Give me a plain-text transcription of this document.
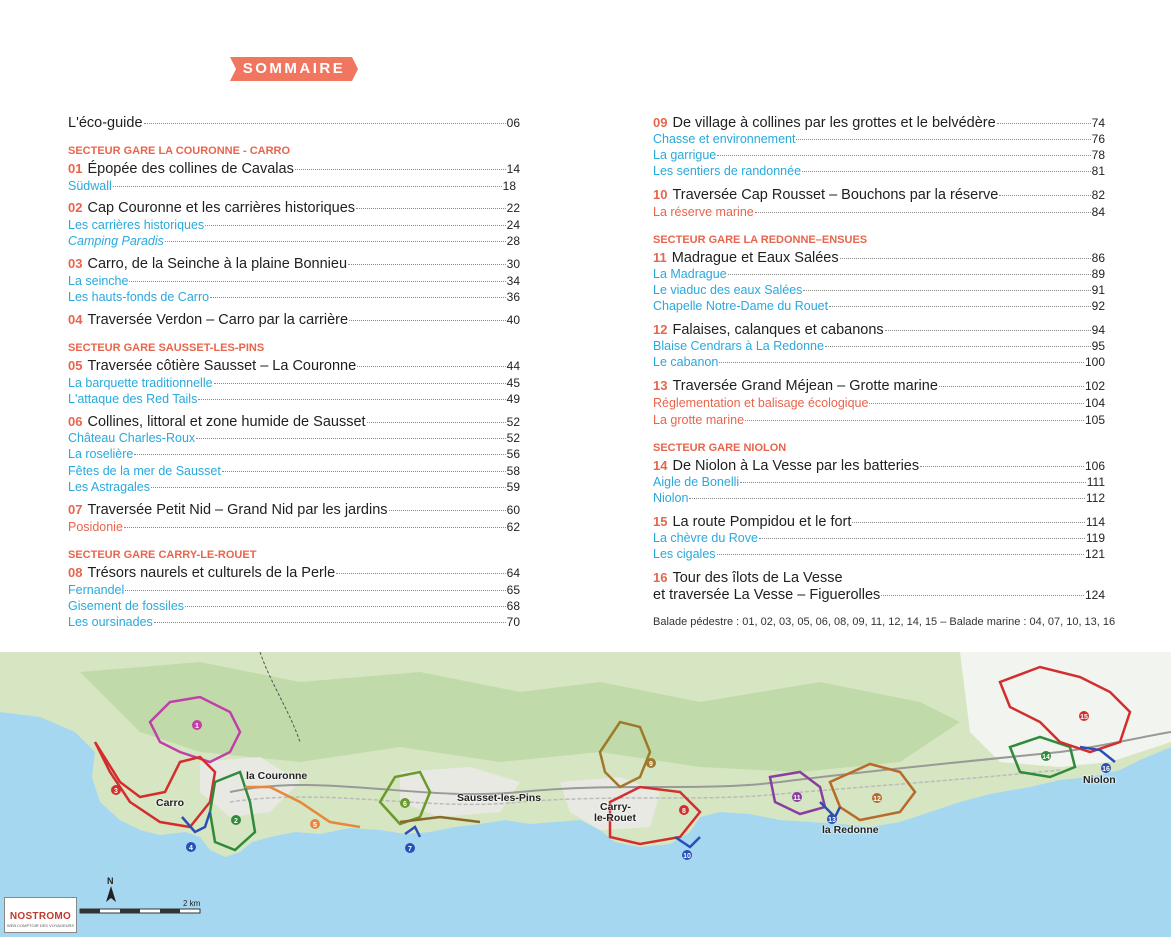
SOMMAIRE
L'éco-guide	06
SECTEUR GARE LA COURONNE - CARRO
01 Épopée des collines de Cavalas	14
Südwall	18
02 Cap Couronne et les carrières historiques	22
Les carrières historiques	24
Camping Paradis	28
03 Carro, de la Seinche à la plaine Bonnieu	30
La seinche	34
Les hauts-fonds de Carro	36
04 Traversée Verdon – Carro par la carrière	40
SECTEUR GARE SAUSSET-LES-PINS
05 Traversée côtière Sausset – La Couronne	44
La barquette traditionnelle	45
L'attaque des Red Tails	49
06 Collines, littoral et zone humide de Sausset	52
Château Charles-Roux	52
La roselière	56
Fêtes de la mer de Sausset	58
Les Astragales	59
07 Traversée Petit Nid – Grand Nid par les jardins	60
Posidonie	62
SECTEUR GARE CARRY-LE-ROUET
08 Trésors naurels et culturels de la Perle	64
Fernandel	65
Gisement de fossiles	68
Les oursinades	70
09 De village à collines par les grottes et le belvédère	74
Chasse et environnement	76
La garrigue	78
Les sentiers de randonnée	81
10 Traversée Cap Rousset – Bouchons par la réserve	82
La réserve marine	84
SECTEUR GARE LA REDONNE–ENSUES
11 Madrague et Eaux Salées	86
La Madrague	89
Le viaduc des eaux Salées	91
Chapelle Notre-Dame du Rouet	92
12 Falaises, calanques et cabanons	94
Blaise Cendrars à La Redonne	95
Le cabanon	100
13 Traversée Grand Méjean – Grotte marine	102
Réglementation et balisage écologique	104
La grotte marine	105
SECTEUR GARE NIOLON
14 De Niolon à La Vesse par les batteries	106
Aigle de Bonelli	111
Niolon	112
15 La route Pompidou et le fort	114
La chèvre du Rove	119
Les cigales	121
16 Tour des îlots de La Vesse
et traversée La Vesse – Figuerolles	124
Balade pédestre : 01, 02, 03, 05, 06, 08, 09, 11, 12, 14, 15 – Balade marine : 04, 07, 10, 13, 16
1
2
3
4
5
6
7
8
9
10
11	12
13
14
15
16
la Couronne
Carro	Sausset-les-Pins
Carry-
le-Rouet
la Redonne
Niolon
N
2 km
NOSTROMO
WEB COMPTOIR DES VOYAGEURS
